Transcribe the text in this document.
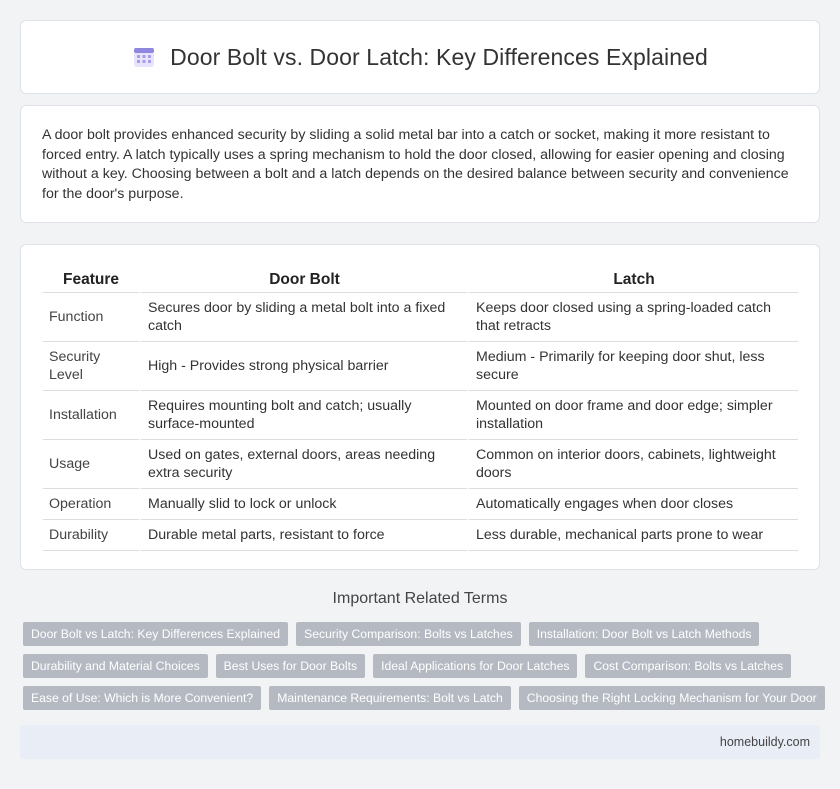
Door Bolt vs. Door Latch: Key Differences Explained

A door bolt provides enhanced security by sliding a solid metal bar into a catch or socket, making it more resistant to forced entry. A latch typically uses a spring mechanism to hold the door closed, allowing for easier opening and closing without a key. Choosing between a bolt and a latch depends on the desired balance between security and convenience for the door's purpose.

Feature	Door Bolt	Latch
Function	Secures door by sliding a metal bolt into a fixed catch	Keeps door closed using a spring-loaded catch that retracts
Security Level	High - Provides strong physical barrier	Medium - Primarily for keeping door shut, less secure
Installation	Requires mounting bolt and catch; usually surface-mounted	Mounted on door frame and door edge; simpler installation
Usage	Used on gates, external doors, areas needing extra security	Common on interior doors, cabinets, lightweight doors
Operation	Manually slid to lock or unlock	Automatically engages when door closes
Durability	Durable metal parts, resistant to force	Less durable, mechanical parts prone to wear
Important Related Terms
Door Bolt vs Latch: Key Differences Explained	Security Comparison: Bolts vs Latches	Installation: Door Bolt vs Latch Methods
Durability and Material Choices	Best Uses for Door Bolts	Ideal Applications for Door Latches	Cost Comparison: Bolts vs Latches
Ease of Use: Which is More Convenient?	Maintenance Requirements: Bolt vs Latch	Choosing the Right Locking Mechanism for Your Door
homebuildy.com
